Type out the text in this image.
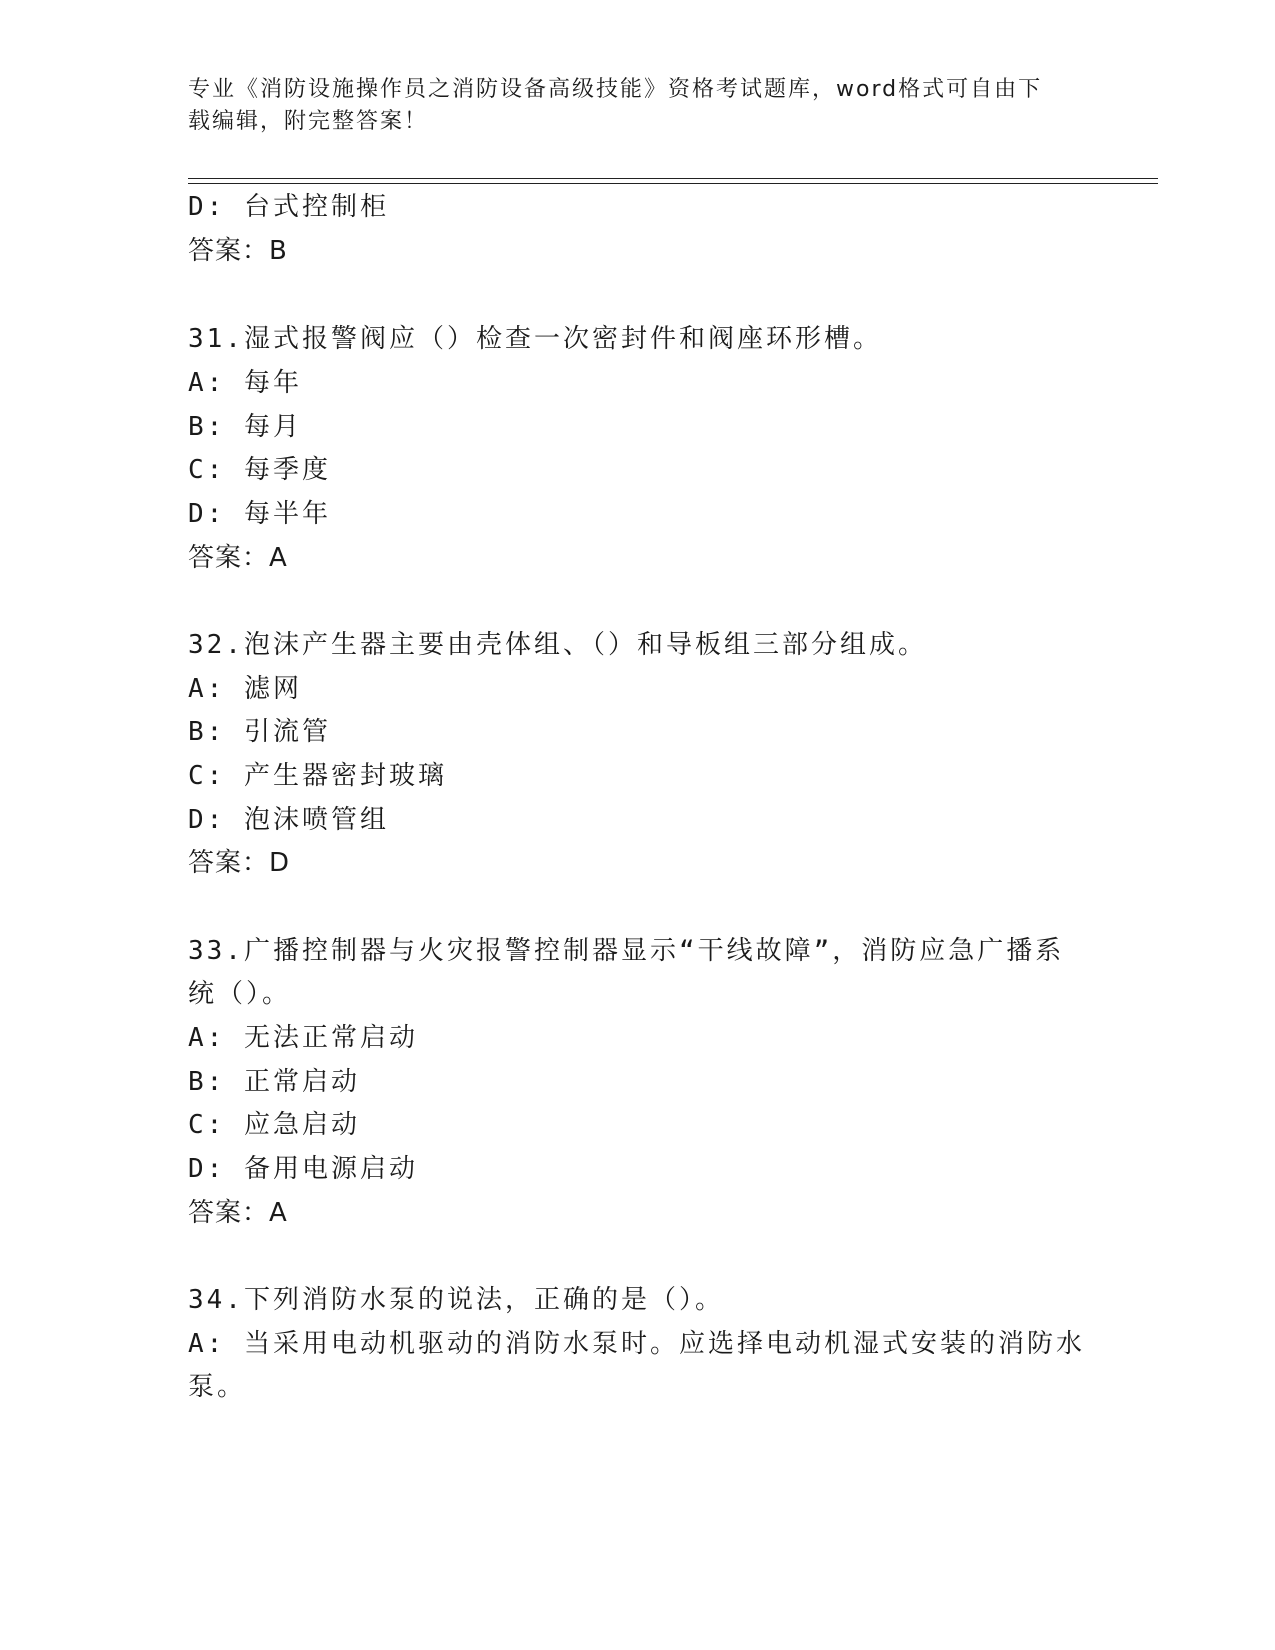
专业《消防设施操作员之消防设备高级技能》资格考试题库，word格式可自由下
载编辑，附完整答案！
D: 台式控制柜
答案：B
31.湿式报警阀应（）检查一次密封件和阀座环形槽。
A: 每年
B: 每月
C: 每季度
D: 每半年
答案：A
32.泡沫产生器主要由壳体组、（）和导板组三部分组成。
A: 滤网
B: 引流管
C: 产生器密封玻璃
D: 泡沫喷管组
答案：D
33.广播控制器与火灾报警控制器显示“干线故障”，消防应急广播系
统（）。
A: 无法正常启动
B: 正常启动
C: 应急启动
D: 备用电源启动
答案：A
34.下列消防水泵的说法，正确的是（）。
A: 当采用电动机驱动的消防水泵时。应选择电动机湿式安装的消防水
泵。
